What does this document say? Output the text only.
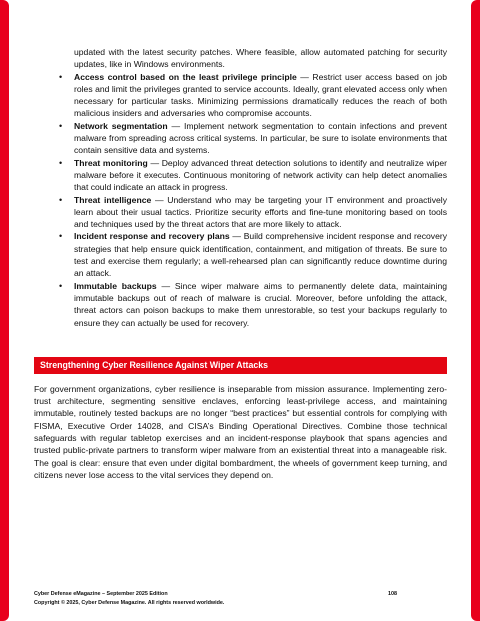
updated with the latest security patches. Where feasible, allow automated patching for security updates, like in Windows environments.
• Access control based on the least privilege principle — Restrict user access based on job roles and limit the privileges granted to service accounts. Ideally, grant elevated access only when necessary for particular tasks. Minimizing permissions dramatically reduces the reach of both malicious insiders and adversaries who compromise accounts.
• Network segmentation — Implement network segmentation to contain infections and prevent malware from spreading across critical systems. In particular, be sure to isolate environments that contain sensitive data and systems.
• Threat monitoring — Deploy advanced threat detection solutions to identify and neutralize wiper malware before it executes. Continuous monitoring of network activity can help detect anomalies that could indicate an attack in progress.
• Threat intelligence — Understand who may be targeting your IT environment and proactively learn about their usual tactics. Prioritize security efforts and fine-tune monitoring based on tools and techniques used by the threat actors that are more likely to attack.
• Incident response and recovery plans — Build comprehensive incident response and recovery strategies that help ensure quick identification, containment, and mitigation of threats. Be sure to test and exercise them regularly; a well-rehearsed plan can significantly reduce downtime during an attack.
• Immutable backups — Since wiper malware aims to permanently delete data, maintaining immutable backups out of reach of malware is crucial. Moreover, before unfolding the attack, threat actors can poison backups to make them unrestorable, so test your backups regularly to ensure they can actually be used for recovery.
Strengthening Cyber Resilience Against Wiper Attacks
For government organizations, cyber resilience is inseparable from mission assurance. Implementing zero-trust architecture, segmenting sensitive enclaves, enforcing least-privilege access, and maintaining immutable, routinely tested backups are no longer “best practices” but essential controls for complying with FISMA, Executive Order 14028, and CISA’s Binding Operational Directives. Combine those technical safeguards with regular tabletop exercises and an incident-response playbook that spans agencies and trusted public-private partners to transform wiper malware from an existential threat into a manageable risk. The goal is clear: ensure that even under digital bombardment, the wheels of government keep turning, and citizens never lose access to the vital services they depend on.
Cyber Defense eMagazine – September 2025 Edition	108
Copyright © 2025, Cyber Defense Magazine. All rights reserved worldwide.
